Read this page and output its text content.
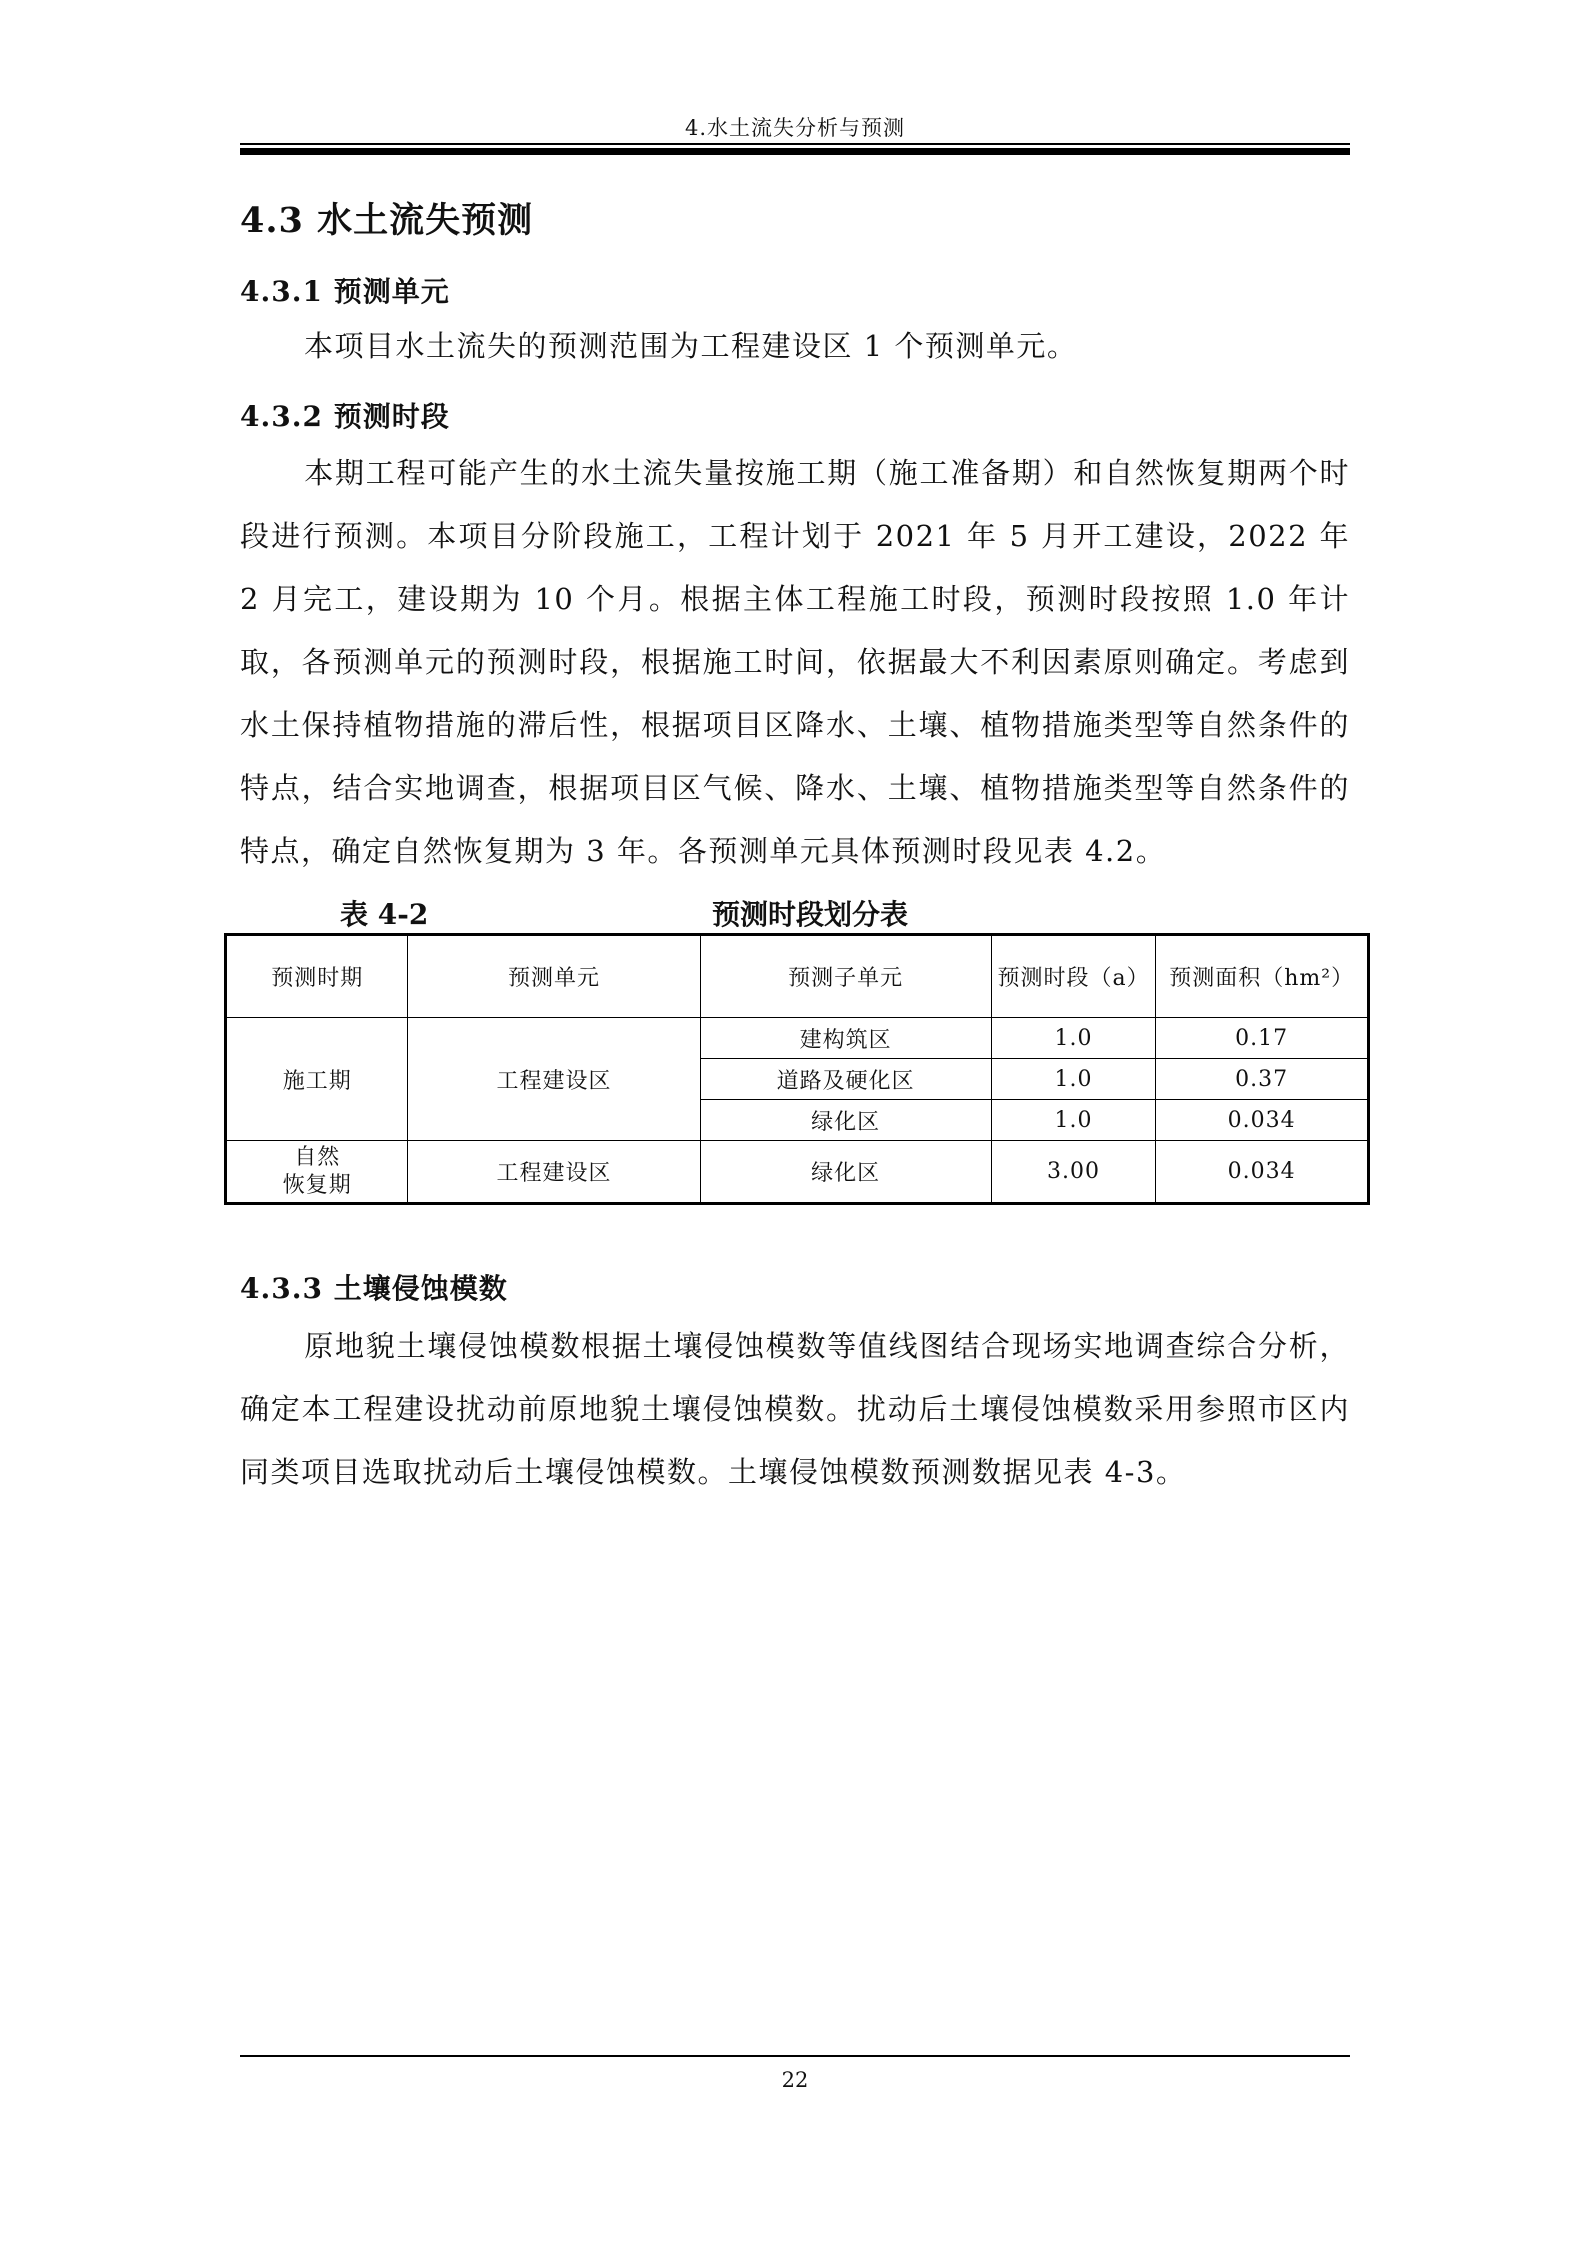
4.水土流失分析与预测
4.3 水土流失预测
4.3.1 预测单元

本项目水土流失的预测范围为工程建设区 1 个预测单元。

4.3.2 预测时段

本期工程可能产生的水土流失量按施工期（施工准备期）和自然恢复期两个时段进行预测。本项目分阶段施工，工程计划于 2021 年 5 月开工建设，2022 年 2 月完工，建设期为 10 个月。根据主体工程施工时段，预测时段按照 1.0 年计取，各预测单元的预测时段，根据施工时间，依据最大不利因素原则确定。考虑到水土保持植物措施的滞后性，根据项目区降水、土壤、植物措施类型等自然条件的特点，结合实地调查，根据项目区气候、降水、土壤、植物措施类型等自然条件的特点，确定自然恢复期为 3 年。各预测单元具体预测时段见表 4.2。

表 4-2	预测时段划分表
预测时期	预测单元	预测子单元	预测时段（a）	预测面积（hm²）
施工期	工程建设区	建构筑区	1.0	0.17
		道路及硬化区	1.0	0.37
		绿化区	1.0	0.034
自然
恢复期	工程建设区	绿化区	3.00	0.034
4.3.3 土壤侵蚀模数

原地貌土壤侵蚀模数根据土壤侵蚀模数等值线图结合现场实地调查综合分析，确定本工程建设扰动前原地貌土壤侵蚀模数。扰动后土壤侵蚀模数采用参照市区内同类项目选取扰动后土壤侵蚀模数。土壤侵蚀模数预测数据见表 4-3。

22
